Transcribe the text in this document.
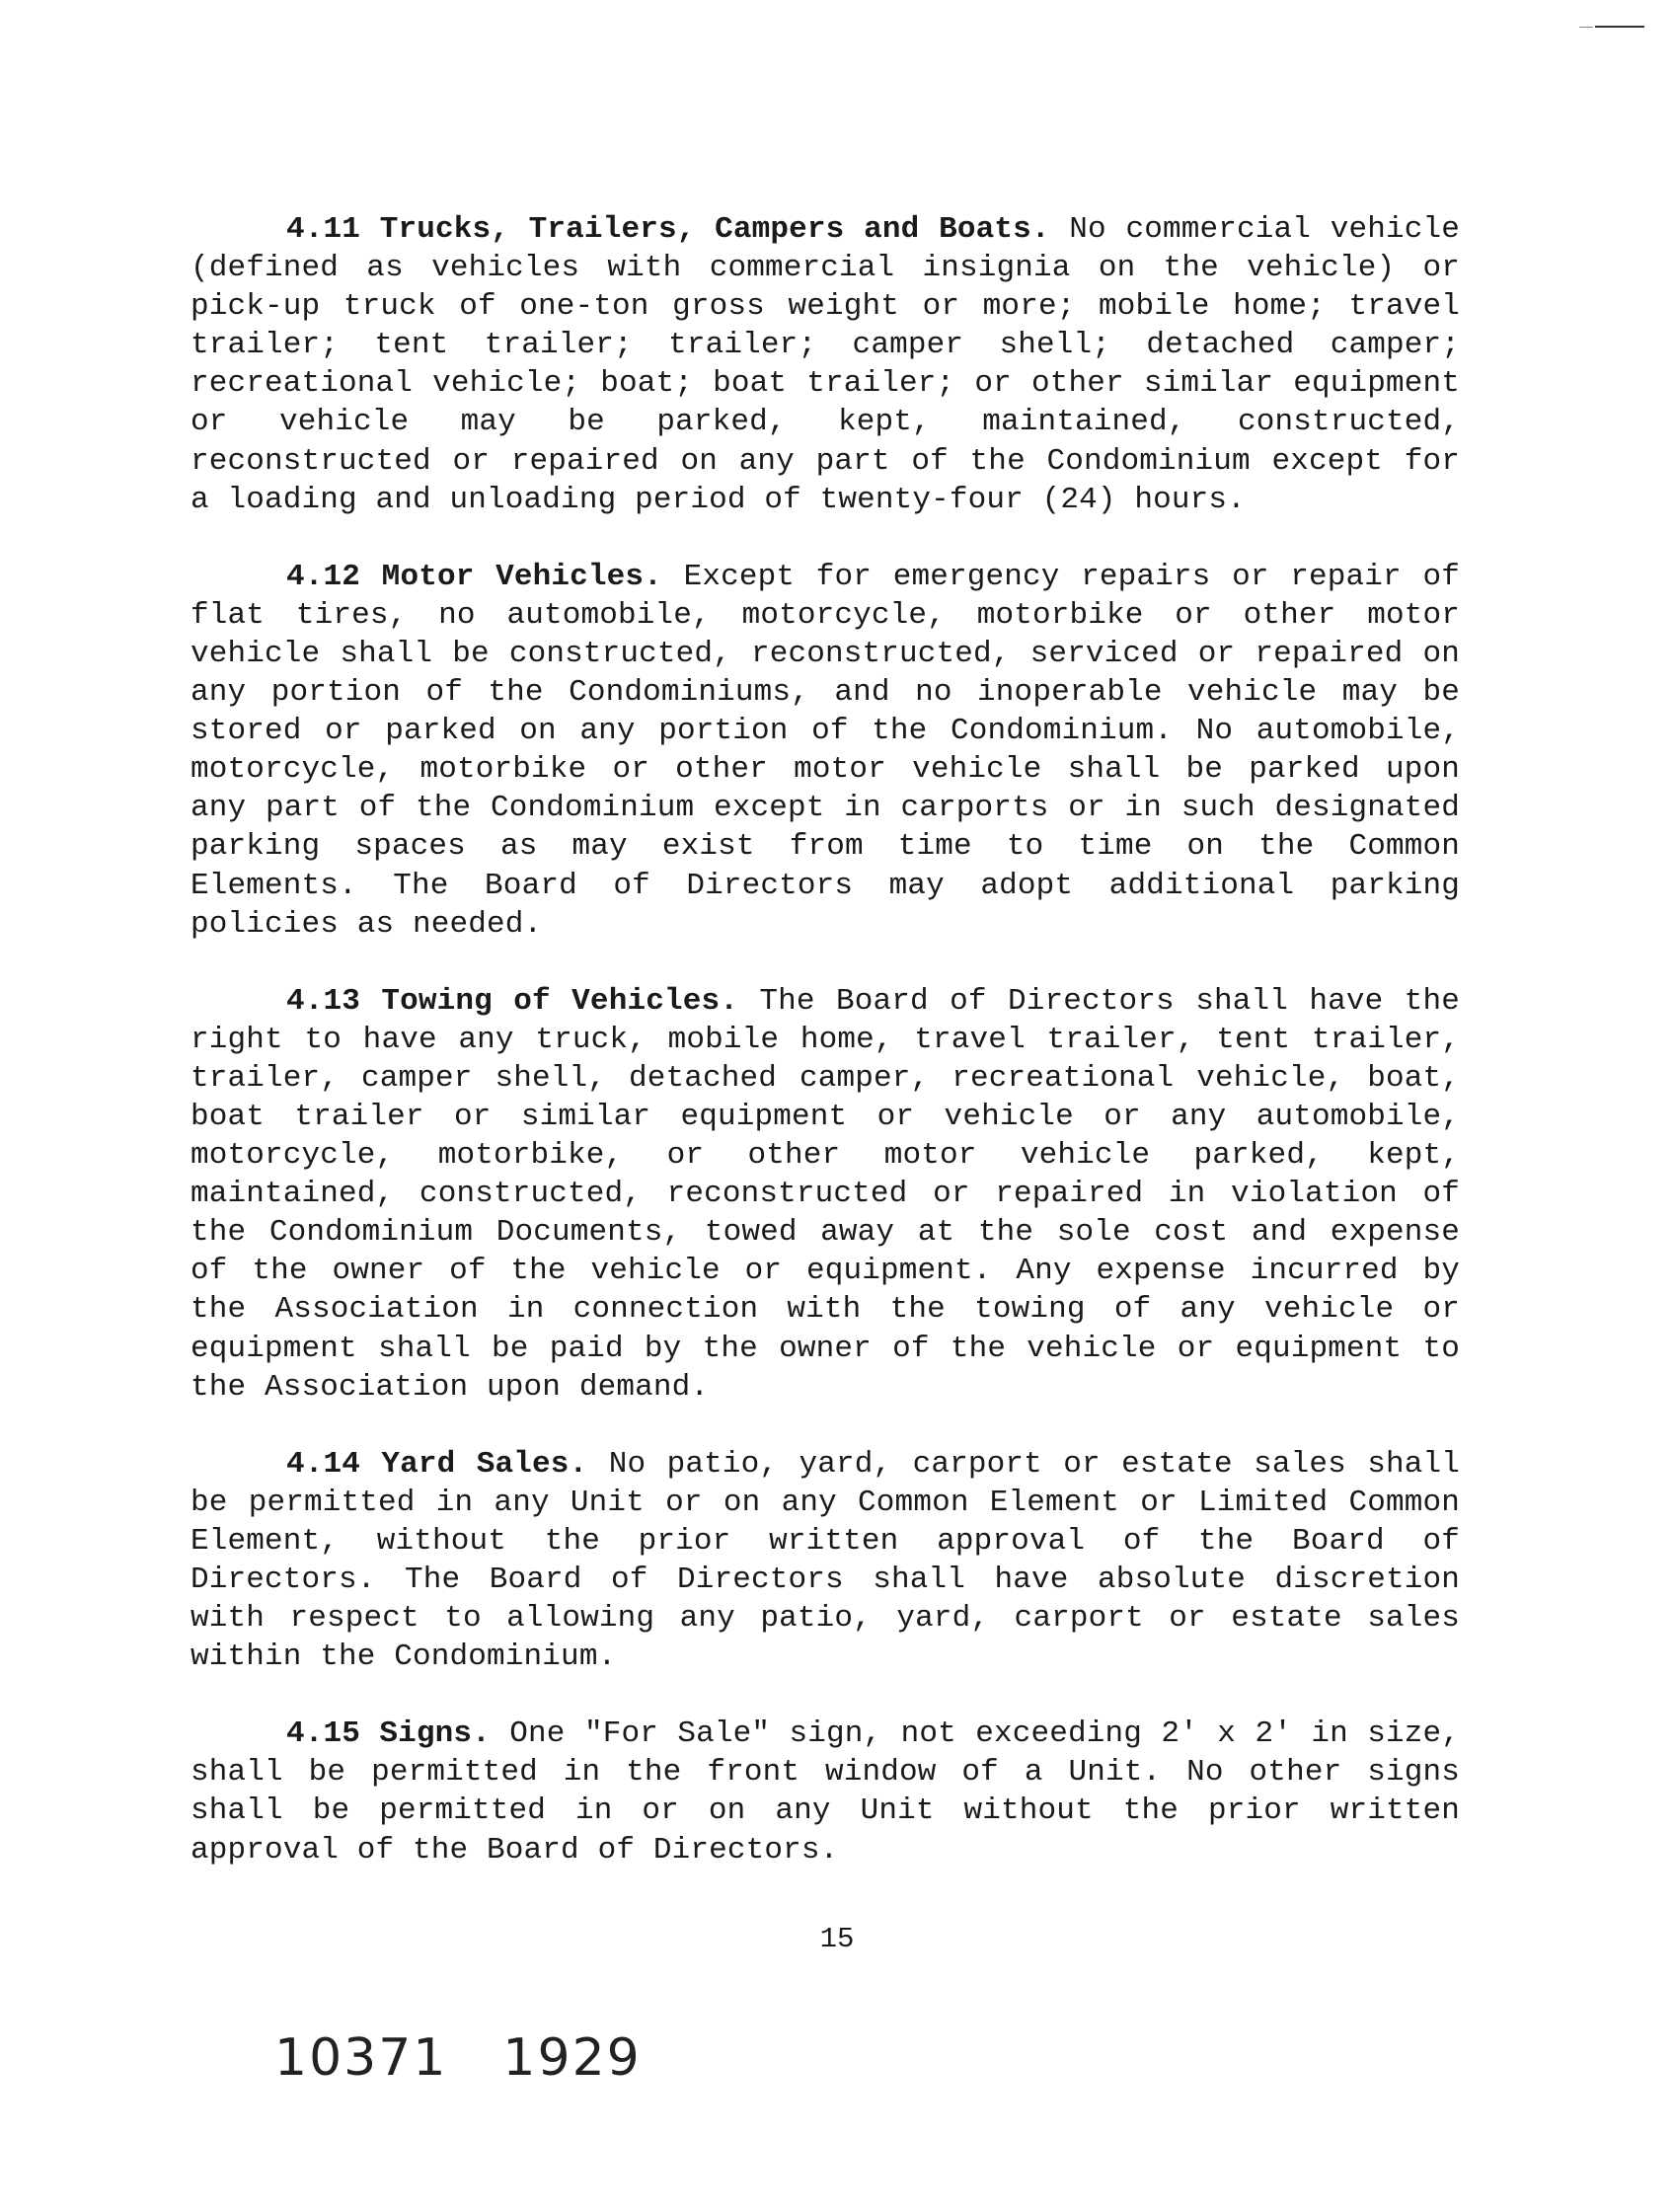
4.11 Trucks, Trailers, Campers and Boats. No commercial vehicle (defined as vehicles with commercial insignia on the vehicle) or pick-up truck of one-ton gross weight or more; mobile home; travel trailer; tent trailer; trailer; camper shell; detached camper; recreational vehicle; boat; boat trailer; or other similar equipment or vehicle may be parked, kept, maintained, constructed, reconstructed or repaired on any part of the Condominium except for a loading and unloading period of twenty-four (24) hours.

4.12 Motor Vehicles. Except for emergency repairs or repair of flat tires, no automobile, motorcycle, motorbike or other motor vehicle shall be constructed, reconstructed, serviced or repaired on any portion of the Condominiums, and no inoperable vehicle may be stored or parked on any portion of the Condominium. No automobile, motorcycle, motorbike or other motor vehicle shall be parked upon any part of the Condominium except in carports or in such designated parking spaces as may exist from time to time on the Common Elements. The Board of Directors may adopt additional parking policies as needed.

4.13 Towing of Vehicles. The Board of Directors shall have the right to have any truck, mobile home, travel trailer, tent trailer, trailer, camper shell, detached camper, recreational vehicle, boat, boat trailer or similar equipment or vehicle or any automobile, motorcycle, motorbike, or other motor vehicle parked, kept, maintained, constructed, reconstructed or repaired in violation of the Condominium Documents, towed away at the sole cost and expense of the owner of the vehicle or equipment. Any expense incurred by the Association in connection with the towing of any vehicle or equipment shall be paid by the owner of the vehicle or equipment to the Association upon demand.

4.14 Yard Sales. No patio, yard, carport or estate sales shall be permitted in any Unit or on any Common Element or Limited Common Element, without the prior written approval of the Board of Directors. The Board of Directors shall have absolute discretion with respect to allowing any patio, yard, carport or estate sales within the Condominium.

4.15 Signs. One "For Sale" sign, not exceeding 2' x 2' in size, shall be permitted in the front window of a Unit. No other signs shall be permitted in or on any Unit without the prior written approval of the Board of Directors.

15
10371 1929
